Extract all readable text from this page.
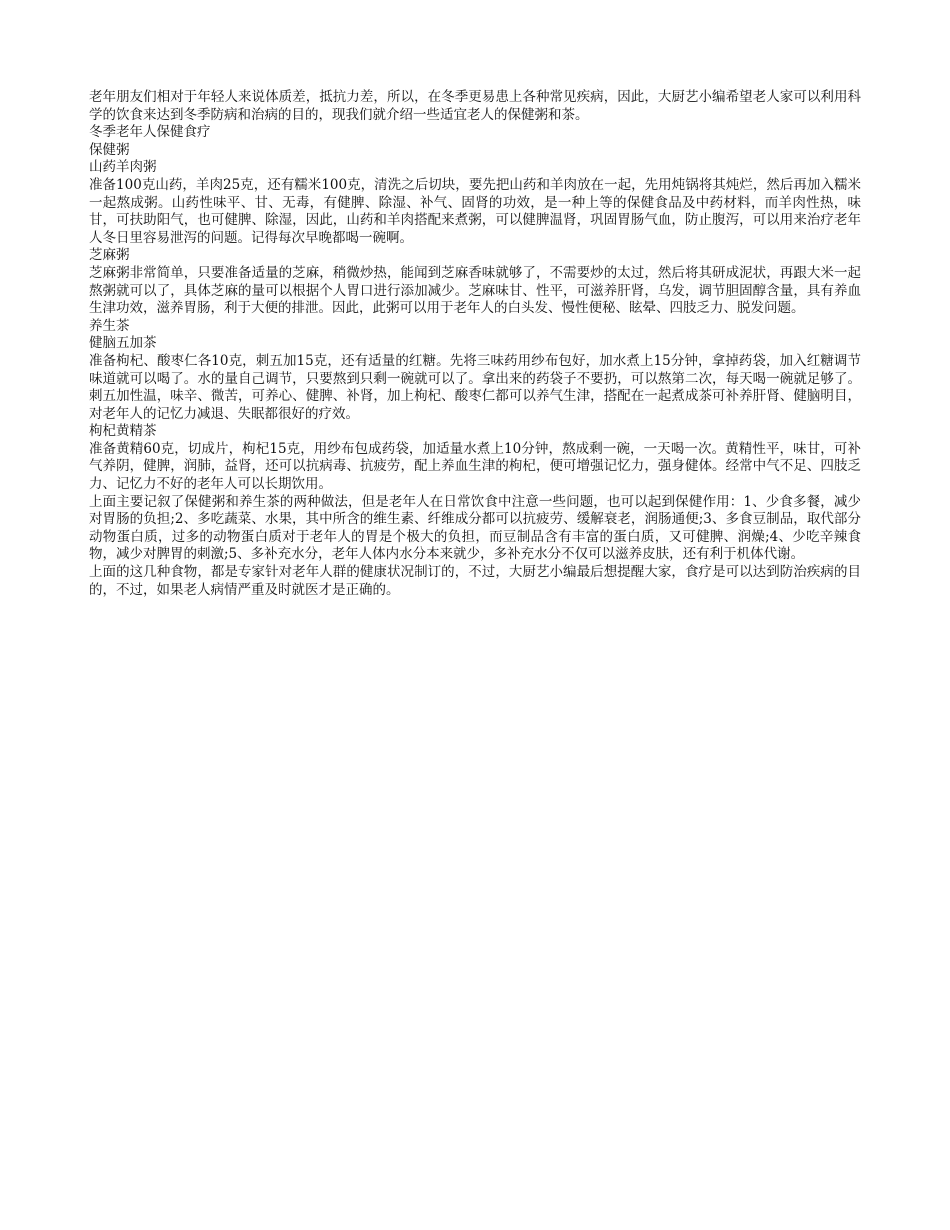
老年朋友们相对于年轻人来说体质差，抵抗力差，所以，在冬季更易患上各种常见疾病，因此，大厨艺小编希望老人家可以利用科学的饮食来达到冬季防病和治病的目的，现我们就介绍一些适宜老人的保健粥和茶。

冬季老年人保健食疗

保健粥

山药羊肉粥

准备100克山药，羊肉25克，还有糯米100克，清洗之后切块，要先把山药和羊肉放在一起，先用炖锅将其炖烂，然后再加入糯米一起熬成粥。山药性味平、甘、无毒，有健脾、除湿、补气、固肾的功效，是一种上等的保健食品及中药材料，而羊肉性热，味甘，可扶助阳气，也可健脾、除湿，因此，山药和羊肉搭配来煮粥，可以健脾温肾，巩固胃肠气血，防止腹泻，可以用来治疗老年人冬日里容易泄泻的问题。记得每次早晚都喝一碗啊。

芝麻粥

芝麻粥非常简单，只要准备适量的芝麻，稍微炒热，能闻到芝麻香味就够了，不需要炒的太过，然后将其研成泥状，再跟大米一起熬粥就可以了，具体芝麻的量可以根据个人胃口进行添加减少。芝麻味甘、性平，可滋养肝肾，乌发，调节胆固醇含量，具有养血生津功效，滋养胃肠，利于大便的排泄。因此，此粥可以用于老年人的白头发、慢性便秘、眩晕、四肢乏力、脱发问题。

养生茶

健脑五加茶

准备枸杞、酸枣仁各10克，刺五加15克，还有适量的红糖。先将三味药用纱布包好，加水煮上15分钟，拿掉药袋，加入红糖调节味道就可以喝了。水的量自己调节，只要熬到只剩一碗就可以了。拿出来的药袋子不要扔，可以熬第二次，每天喝一碗就足够了。刺五加性温，味辛、微苦，可养心、健脾、补肾，加上枸杞、酸枣仁都可以养气生津，搭配在一起煮成茶可补养肝肾、健脑明目，对老年人的记忆力减退、失眠都很好的疗效。

枸杞黄精茶

准备黄精60克，切成片，枸杞15克，用纱布包成药袋，加适量水煮上10分钟，熬成剩一碗，一天喝一次。黄精性平，味甘，可补气养阴，健脾，润肺，益肾，还可以抗病毒、抗疲劳，配上养血生津的枸杞，便可增强记忆力，强身健体。经常中气不足、四肢乏力、记忆力不好的老年人可以长期饮用。

上面主要记叙了保健粥和养生茶的两种做法，但是老年人在日常饮食中注意一些问题，也可以起到保健作用：1、少食多餐，减少对胃肠的负担;2、多吃蔬菜、水果，其中所含的维生素、纤维成分都可以抗疲劳、缓解衰老，润肠通便;3、多食豆制品，取代部分动物蛋白质，过多的动物蛋白质对于老年人的胃是个极大的负担，而豆制品含有丰富的蛋白质，又可健脾、润燥;4、少吃辛辣食物，减少对脾胃的刺激;5、多补充水分，老年人体内水分本来就少，多补充水分不仅可以滋养皮肤，还有利于机体代谢。

上面的这几种食物，都是专家针对老年人群的健康状况制订的，不过，大厨艺小编最后想提醒大家，食疗是可以达到防治疾病的目的，不过，如果老人病情严重及时就医才是正确的。
